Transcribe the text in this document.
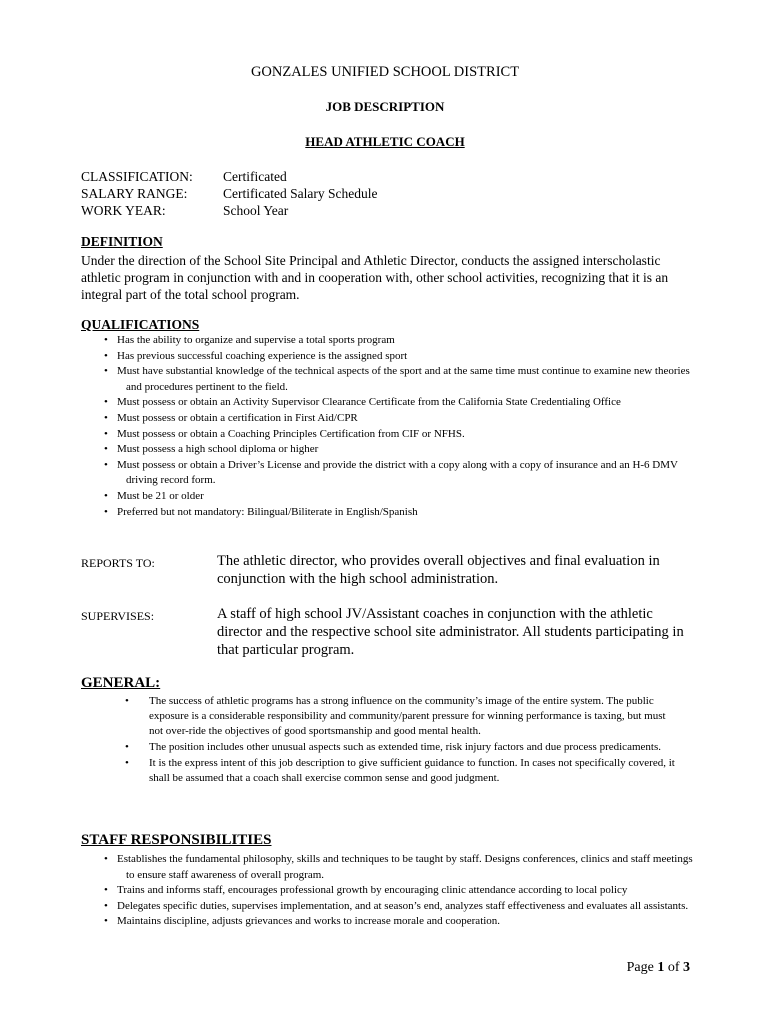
GONZALES UNIFIED SCHOOL DISTRICT
JOB DESCRIPTION
HEAD ATHLETIC COACH
CLASSIFICATION:	Certificated
SALARY RANGE:	Certificated Salary Schedule
WORK YEAR:	School Year
DEFINITION
Under the direction of the School Site Principal and Athletic Director, conducts the assigned interscholastic athletic program in conjunction with and in cooperation with, other school activities, recognizing that it is an integral part of the total school program.
QUALIFICATIONS
• Has the ability to organize and supervise a total sports program
• Has previous successful coaching experience is the assigned sport
• Must have substantial knowledge of the technical aspects of the sport and at the same time must continue to examine new theories and procedures pertinent to the field.
• Must possess or obtain an Activity Supervisor Clearance Certificate from the California State Credentialing Office
• Must possess or obtain a certification in First Aid/CPR
• Must possess or obtain a Coaching Principles Certification from CIF or NFHS.
• Must possess a high school diploma or higher
• Must possess or obtain a Driver’s License and provide the district with a copy along with a copy of insurance and an H-6 DMV driving record form.
• Must be 21 or older
• Preferred but not mandatory: Bilingual/Biliterate in English/Spanish
REPORTS TO:	The athletic director, who provides overall objectives and final evaluation in conjunction with the high school administration.
SUPERVISES:	A staff of high school JV/Assistant coaches in conjunction with the athletic director and the respective school site administrator. All students participating in that particular program.
GENERAL:
• The success of athletic programs has a strong influence on the community’s image of the entire system. The public exposure is a considerable responsibility and community/parent pressure for winning performance is taxing, but must not over-ride the objectives of good sportsmanship and good mental health.
• The position includes other unusual aspects such as extended time, risk injury factors and due process predicaments.
• It is the express intent of this job description to give sufficient guidance to function. In cases not specifically covered, it shall be assumed that a coach shall exercise common sense and good judgment.
STAFF RESPONSIBILITIES
• Establishes the fundamental philosophy, skills and techniques to be taught by staff. Designs conferences, clinics and staff meetings to ensure staff awareness of overall program.
• Trains and informs staff, encourages professional growth by encouraging clinic attendance according to local policy
• Delegates specific duties, supervises implementation, and at season’s end, analyzes staff effectiveness and evaluates all assistants.
• Maintains discipline, adjusts grievances and works to increase morale and cooperation.
Page 1 of 3
